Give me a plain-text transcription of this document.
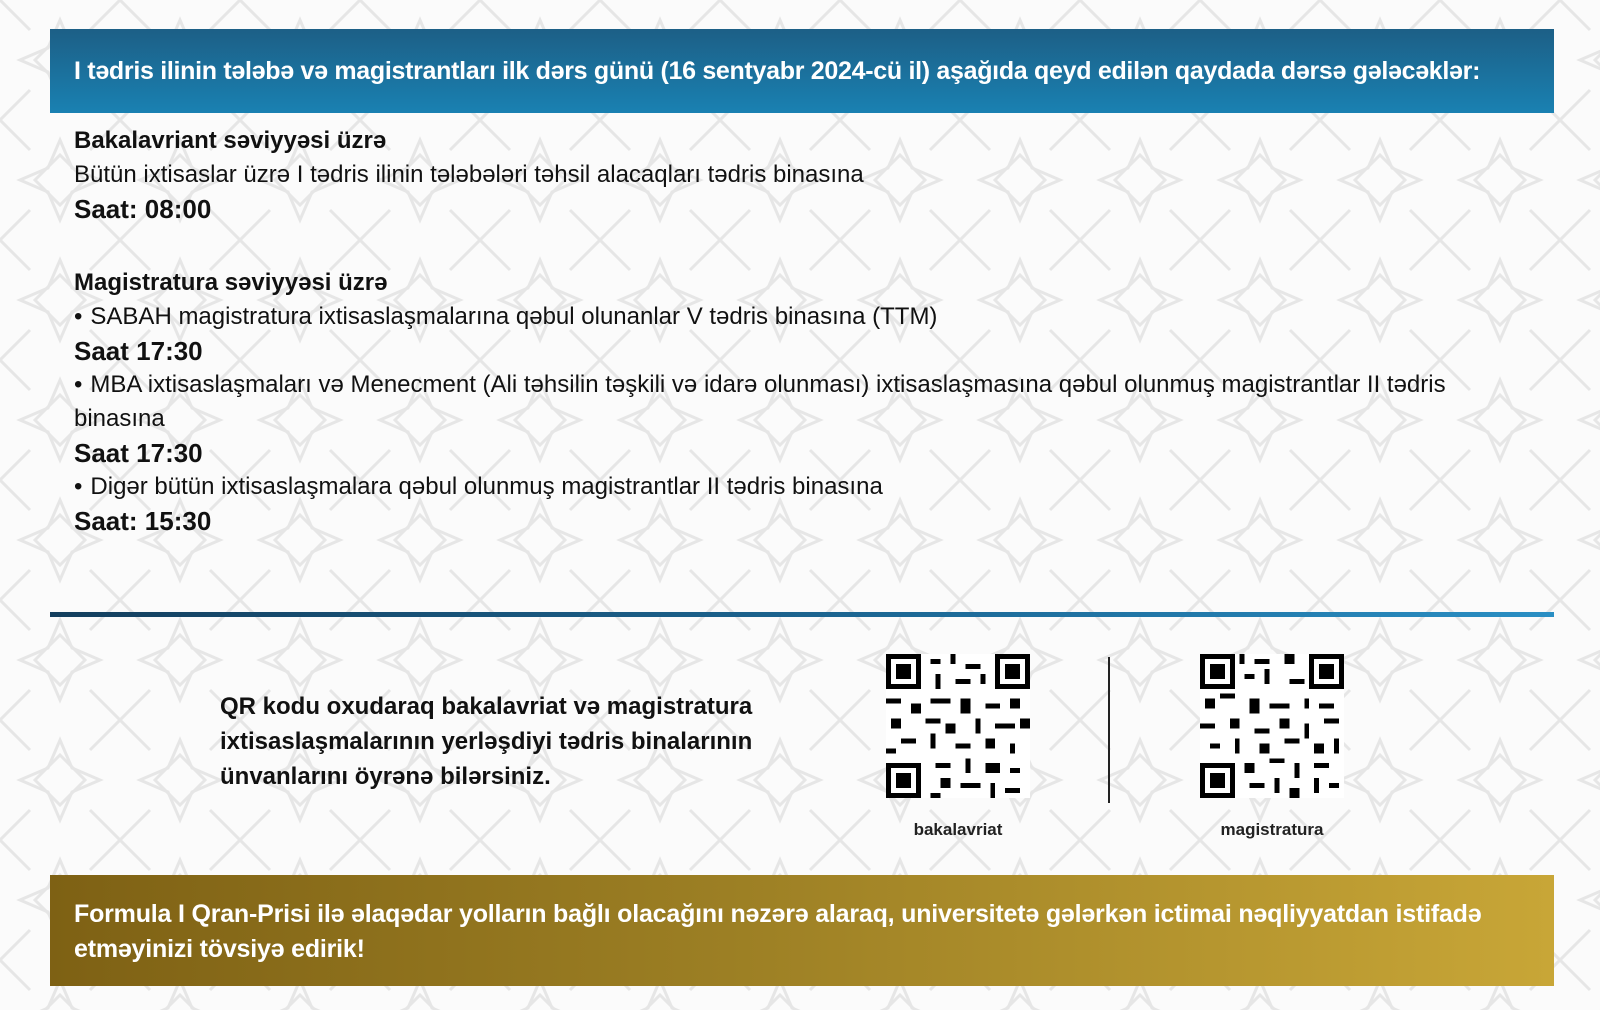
I tədris ilinin tələbə və magistrantları ilk dərs günü (16 sentyabr 2024-cü il) aşağıda qeyd edilən qaydada dərsə gələcəklər:
Bakalavriant səviyyəsi üzrə
Bütün ixtisaslar üzrə I tədris ilinin tələbələri təhsil alacaqları tədris binasına
Saat: 08:00
Magistratura səviyyəsi üzrə
• SABAH magistratura ixtisaslaşmalarına qəbul olunanlar V tədris binasına (TTM)
Saat 17:30
• MBA ixtisaslaşmaları və Menecment (Ali təhsilin təşkili və idarə olunması) ixtisaslaşmasına qəbul olunmuş magistrantlar II tədris binasına
Saat 17:30
• Digər bütün ixtisaslaşmalara qəbul olunmuş magistrantlar II tədris binasına
Saat: 15:30
QR kodu oxudaraq bakalavriat və magistratura ixtisaslaşmalarının yerləşdiyi tədris binalarının ünvanlarını öyrənə bilərsiniz.
bakalavriat	magistratura
Formula I Qran-Prisi ilə əlaqədar yolların bağlı olacağını nəzərə alaraq, universitetə gələrkən ictimai nəqliyyatdan istifadə etməyinizi tövsiyə edirik!
